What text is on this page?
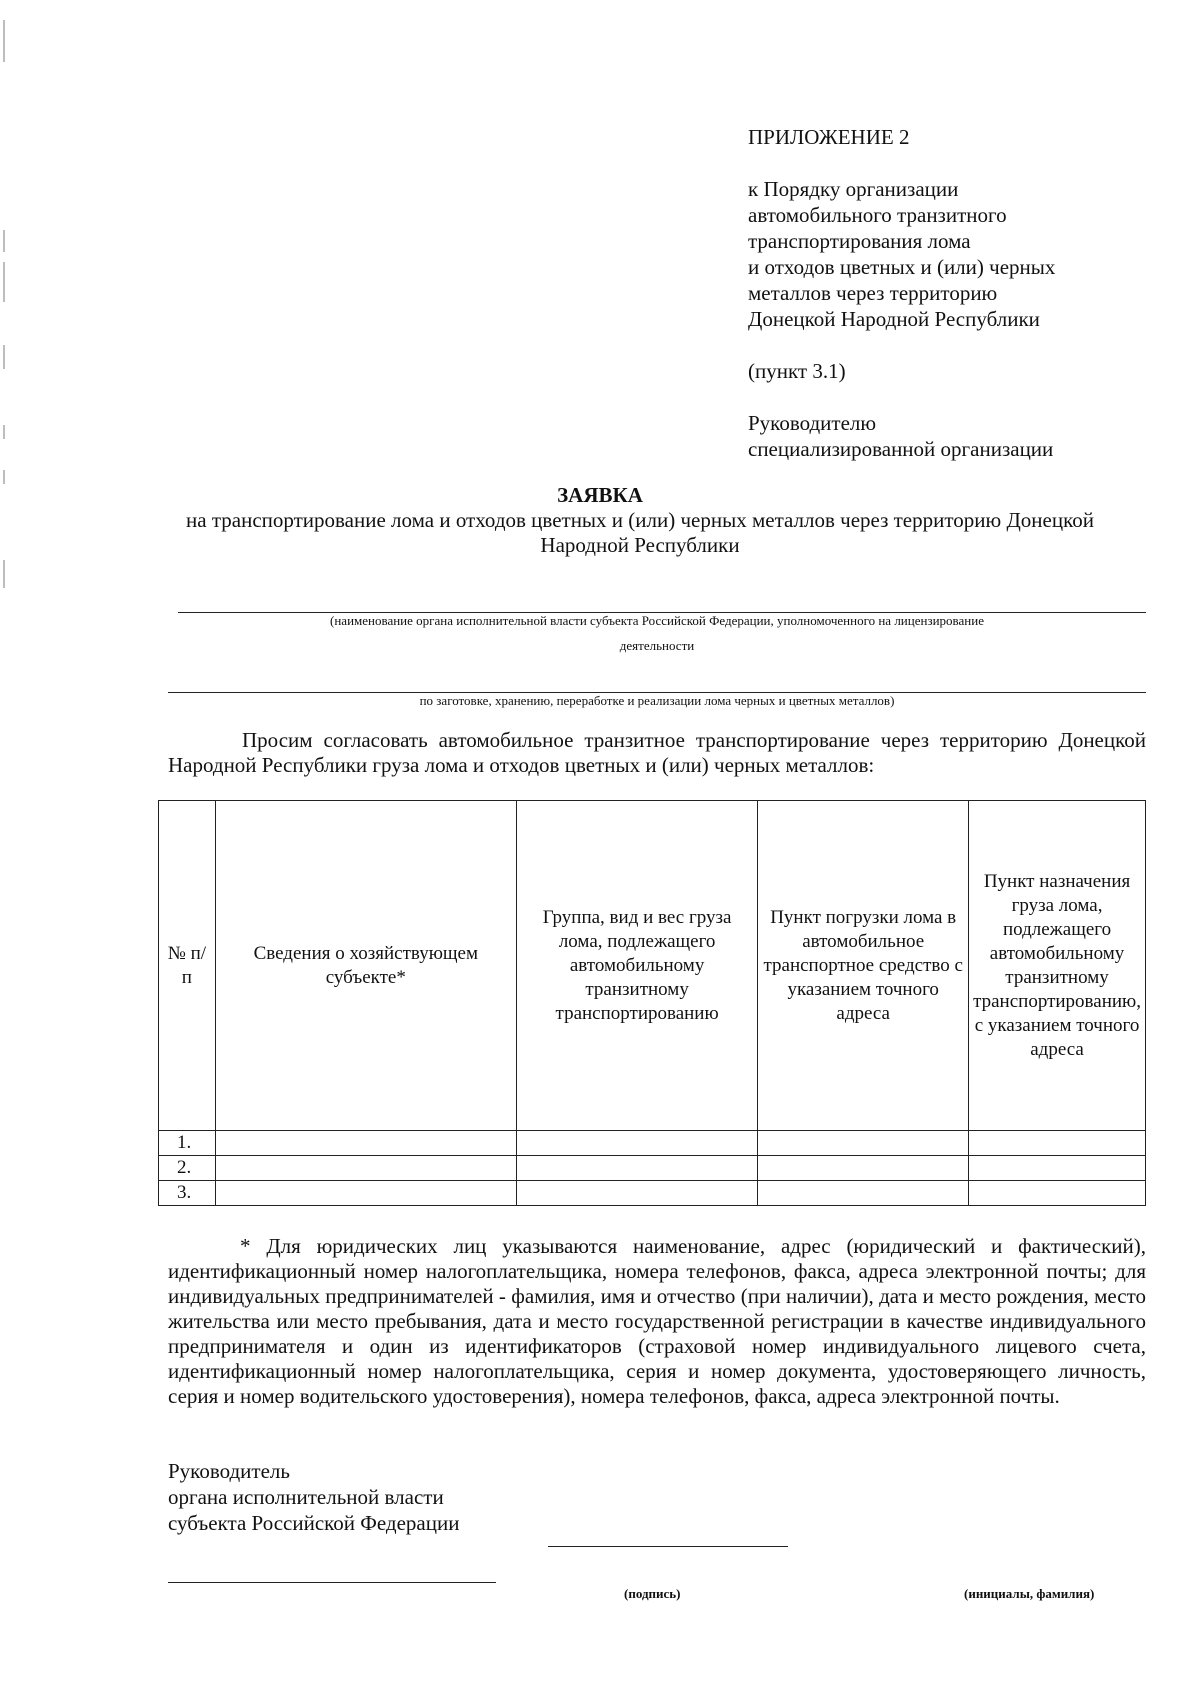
ПРИЛОЖЕНИЕ 2
к Порядку организации
автомобильного транзитного
транспортирования лома
и отходов цветных и (или) черных
металлов через территорию
Донецкой Народной Республики
(пункт 3.1)
Руководителю
специализированной организации
ЗАЯВКА
на транспортирование лома и отходов цветных и (или) черных металлов через территорию Донецкой Народной Республики
(наименование органа исполнительной власти субъекта Российской Федерации, уполномоченного на лицензирование
деятельности
по заготовке, хранению, переработке и реализации лома черных и цветных металлов)
Просим согласовать автомобильное транзитное транспортирование через территорию Донецкой Народной Республики груза лома и отходов цветных и (или) черных металлов:
№ п/п	Сведения о хозяйствующем субъекте*	Группа, вид и вес груза лома, подлежащего автомобильному транзитному транспортированию	Пункт погрузки лома в автомобильное транспортное средство с указанием точного адреса	Пункт назначения груза лома, подлежащего автомобильному транзитному транспортированию, с указанием точного адреса
1.				
2.				
3.				
* Для юридических лиц указываются наименование, адрес (юридический и фактический), идентификационный номер налогоплательщика, номера телефонов, факса, адреса электронной почты; для индивидуальных предпринимателей - фамилия, имя и отчество (при наличии), дата и место рождения, место жительства или место пребывания, дата и место государственной регистрации в качестве индивидуального предпринимателя и один из идентификаторов (страховой номер индивидуального лицевого счета, идентификационный номер налогоплательщика, серия и номер документа, удостоверяющего личность, серия и номер водительского удостоверения), номера телефонов, факса, адреса электронной почты.
Руководитель
органа исполнительной власти
субъекта Российской Федерации
(подпись)	(инициалы, фамилия)
